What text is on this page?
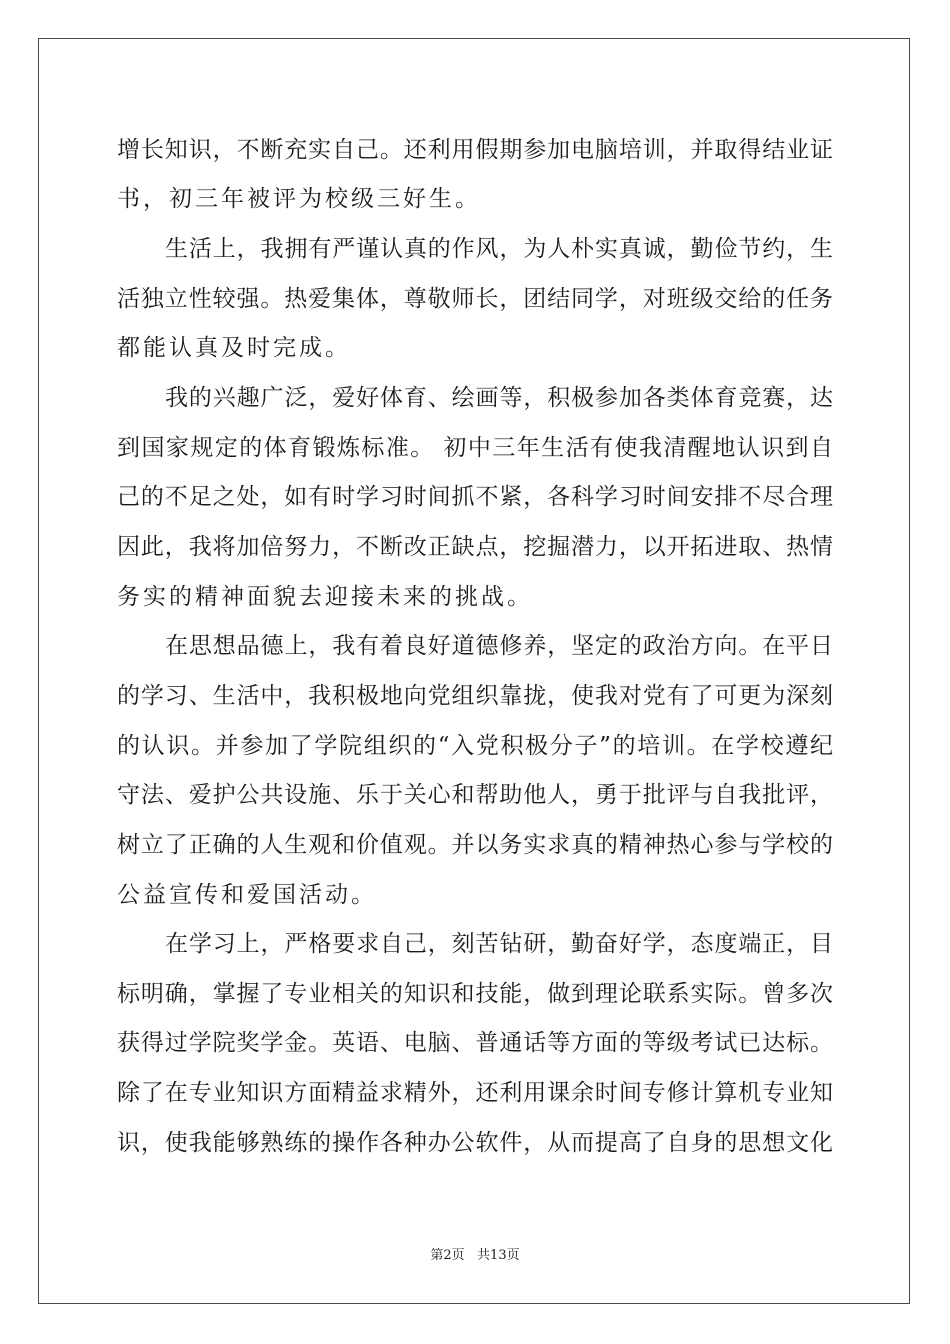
增长知识，不断充实自己。还利用假期参加电脑培训，并取得结业证
书，初三年被评为校级三好生。
生活上，我拥有严谨认真的作风，为人朴实真诚，勤俭节约，生
活独立性较强。热爱集体，尊敬师长，团结同学，对班级交给的任务
都能认真及时完成。
我的兴趣广泛，爱好体育、绘画等，积极参加各类体育竞赛，达
到国家规定的体育锻炼标准。 初中三年生活有使我清醒地认识到自
己的不足之处，如有时学习时间抓不紧，各科学习时间安排不尽合理
因此，我将加倍努力，不断改正缺点，挖掘潜力，以开拓进取、热情
务实的精神面貌去迎接未来的挑战。
在思想品德上，我有着良好道德修养，坚定的政治方向。在平日
的学习、生活中，我积极地向党组织靠拢，使我对党有了可更为深刻
的认识。并参加了学院组织的“入党积极分子”的培训。在学校遵纪
守法、爱护公共设施、乐于关心和帮助他人，勇于批评与自我批评，
树立了正确的人生观和价值观。并以务实求真的精神热心参与学校的
公益宣传和爱国活动。
在学习上，严格要求自己，刻苦钻研，勤奋好学，态度端正，目
标明确，掌握了专业相关的知识和技能，做到理论联系实际。曾多次
获得过学院奖学金。英语、电脑、普通话等方面的等级考试已达标。
除了在专业知识方面精益求精外，还利用课余时间专修计算机专业知
识，使我能够熟练的操作各种办公软件，从而提高了自身的思想文化
第2页   共13页
